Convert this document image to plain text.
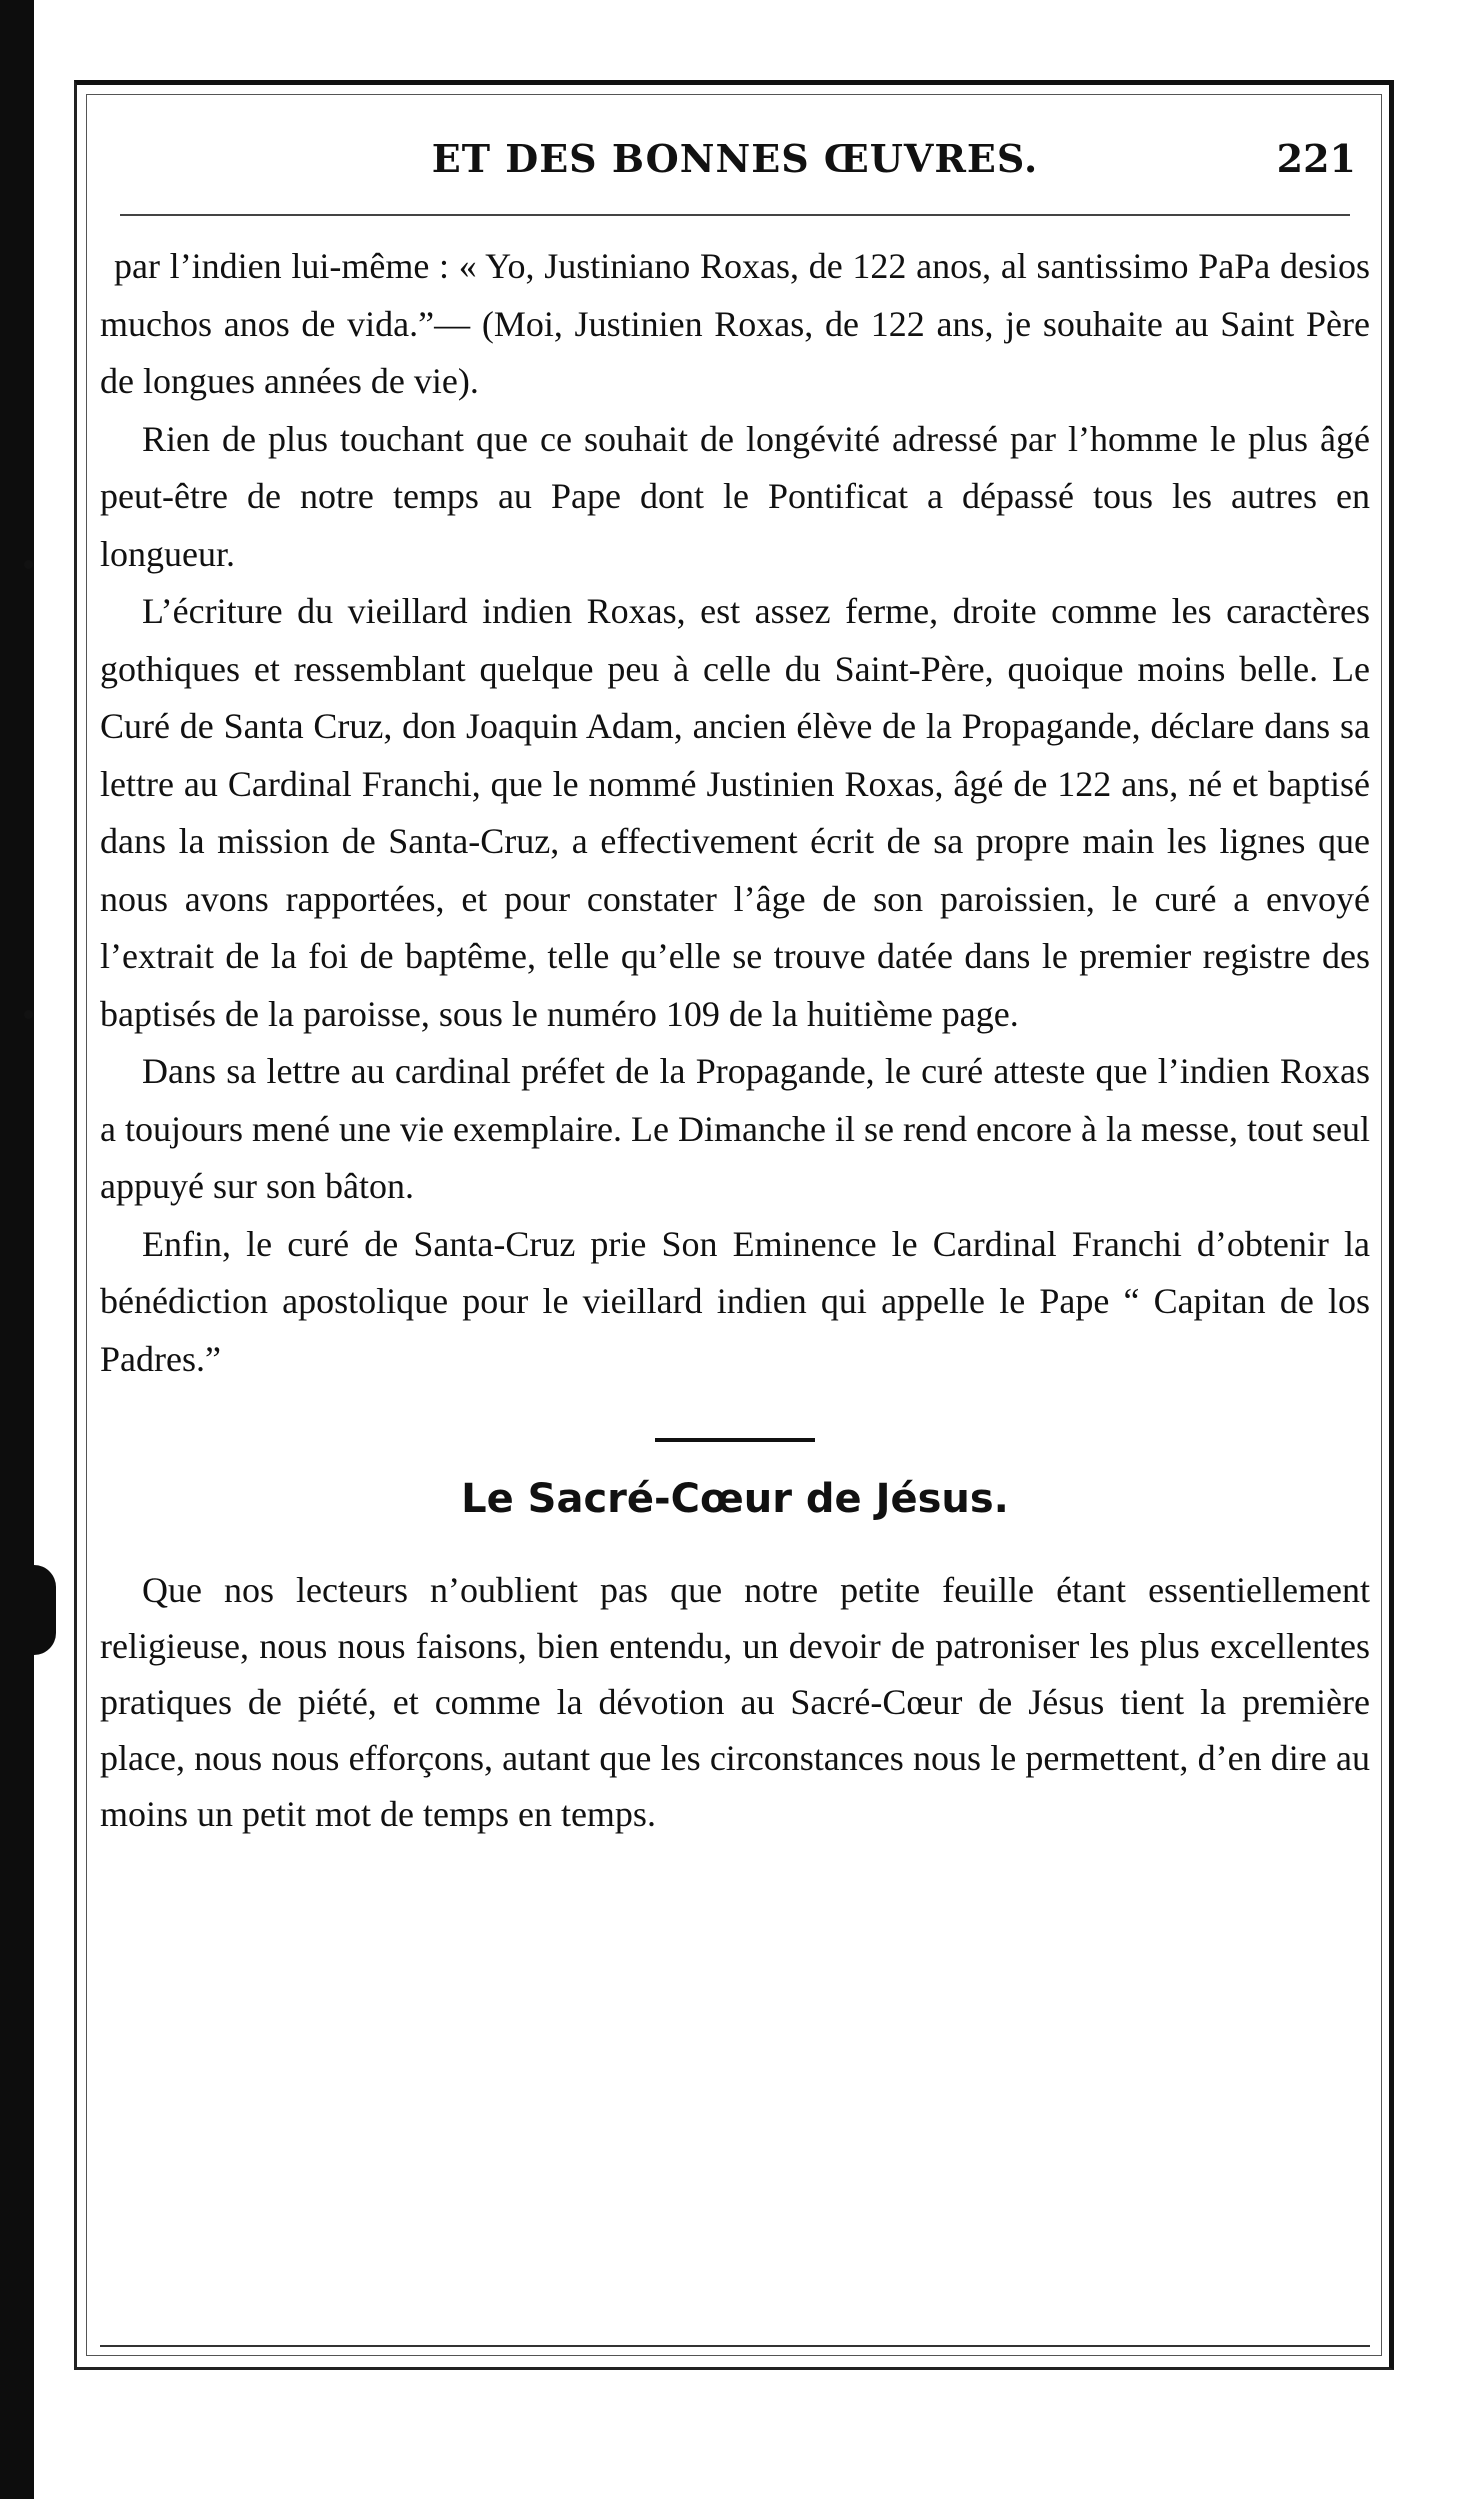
ET DES BONNES ŒUVRES.	221

par l’indien lui-même : « Yo, Justiniano Roxas, de 122 anos, al santissimo PaPa desios muchos anos de vida.”— (Moi, Justinien Roxas, de 122 ans, je souhaite au Saint Père de longues années de vie).

Rien de plus touchant que ce souhait de longévité adressé par l’homme le plus âgé peut-être de notre temps au Pape dont le Pontificat a dépassé tous les autres en longueur.

L’écriture du vieillard indien Roxas, est assez ferme, droite comme les caractères gothiques et ressemblant quelque peu à celle du Saint-Père, quoique moins belle. Le Curé de Santa Cruz, don Joaquin Adam, ancien élève de la Propagande, déclare dans sa lettre au Cardinal Franchi, que le nommé Justinien Roxas, âgé de 122 ans, né et baptisé dans la mission de Santa-Cruz, a effectivement écrit de sa propre main les lignes que nous avons rapportées, et pour constater l’âge de son paroissien, le curé a envoyé l’extrait de la foi de baptême, telle qu’elle se trouve datée dans le premier registre des baptisés de la paroisse, sous le numéro 109 de la huitième page.

Dans sa lettre au cardinal préfet de la Propagande, le curé atteste que l’indien Roxas a toujours mené une vie exemplaire. Le Dimanche il se rend encore à la messe, tout seul appuyé sur son bâton.

Enfin, le curé de Santa-Cruz prie Son Eminence le Cardinal Franchi d’obtenir la bénédiction apostolique pour le vieillard indien qui appelle le Pape “ Capitan de los Padres.”

Le Sacré-Cœur de Jésus.

Que nos lecteurs n’oublient pas que notre petite feuille étant essentiellement religieuse, nous nous faisons, bien entendu, un devoir de patroniser les plus excellentes pratiques de piété, et comme la dévotion au Sacré-Cœur de Jésus tient la première place, nous nous efforçons, autant que les circonstances nous le permettent, d’en dire au moins un petit mot de temps en temps.
